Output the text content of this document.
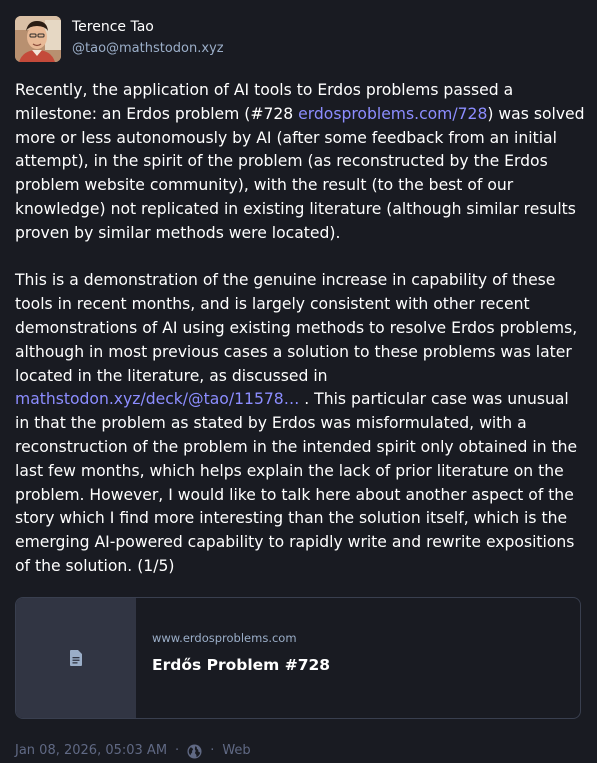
Terence Tao
@tao@mathstodon.xyz

Recently, the application of AI tools to Erdos problems passed a milestone: an Erdos problem (#728 erdosproblems.com/728) was solved more or less autonomously by AI (after some feedback from an initial attempt), in the spirit of the problem (as reconstructed by the Erdos problem website community), with the result (to the best of our knowledge) not replicated in existing literature (although similar results proven by similar methods were located).

This is a demonstration of the genuine increase in capability of these tools in recent months, and is largely consistent with other recent demonstrations of AI using existing methods to resolve Erdos problems, although in most previous cases a solution to these problems was later located in the literature, as discussed in mathstodon.xyz/deck/@tao/11578… . This particular case was unusual in that the problem as stated by Erdos was misformulated, with a reconstruction of the problem in the intended spirit only obtained in the last few months, which helps explain the lack of prior literature on the problem. However, I would like to talk here about another aspect of the story which I find more interesting than the solution itself, which is the emerging AI-powered capability to rapidly write and rewrite expositions of the solution. (1/5)

www.erdosproblems.com
Erdős Problem #728
Jan 08, 2026, 05:03 AM · · Web
